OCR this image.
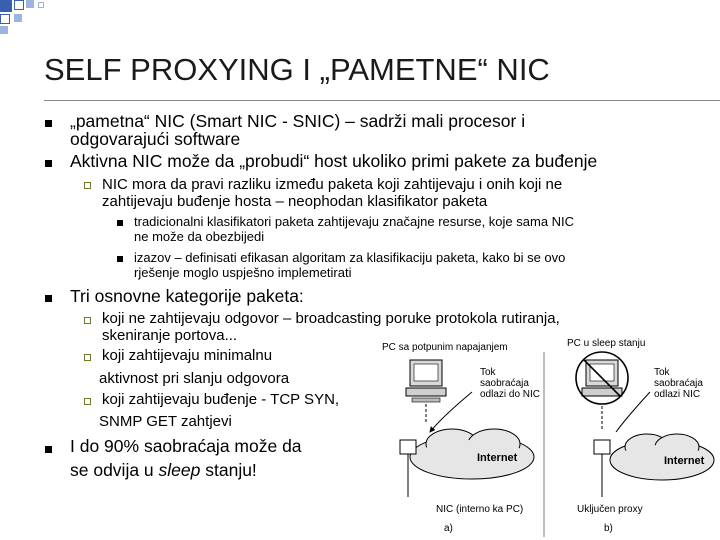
SELF PROXYING I „PAMETNE“ NIC
„pametna“ NIC (Smart NIC - SNIC) – sadrži mali procesor i
odgovarajući software
Aktivna NIC može da „probudi“ host ukoliko primi pakete za buđenje
NIC mora da pravi razliku između paketa koji zahtijevaju i onih koji ne
zahtijevaju buđenje hosta – neophodan klasifikator paketa
tradicionalni klasifikatori paketa zahtijevaju značajne resurse, koje sama NIC
ne može da obezbijedi
izazov – definisati efikasan algoritam za klasifikaciju paketa, kako bi se ovo
rješenje moglo uspješno implemetirati
Tri osnovne kategorije paketa:
PC sa potpunim napajanjem	PC u sleep stanju
Tok
saobraćaja
odlazi do NIC
Internet
NIC (interno ka PC)
a)
Tok
saobraćaja
odlazi NIC
Internet
Uključen proxy
b)
koji ne zahtijevaju odgovor – broadcasting poruke protokola rutiranja,
skeniranje portova...
koji zahtijevaju minimalnu
aktivnost pri slanju odgovora
koji zahtijevaju buđenje - TCP SYN,
SNMP GET zahtjevi
I do 90% saobraćaja može da
se odvija u sleep stanju!
